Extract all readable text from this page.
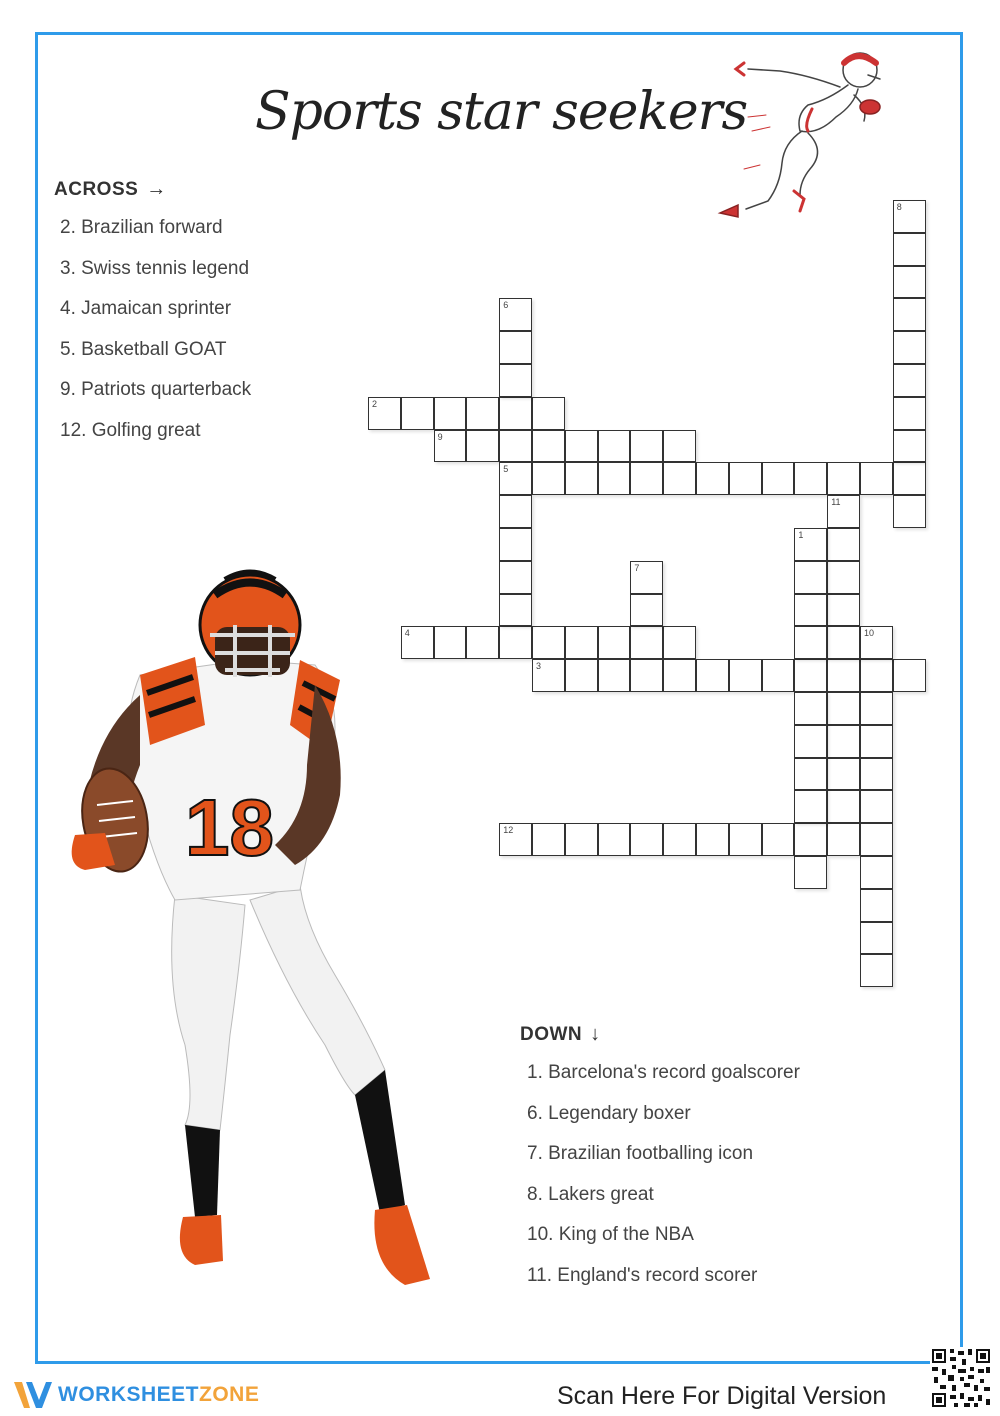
Sports star seekers
18
ACROSS →
2. Brazilian forward
3. Swiss tennis legend
4. Jamaican sprinter
5. Basketball GOAT
9. Patriots quarterback
12. Golfing great
DOWN ↓
1. Barcelona's record goalscorer
6. Legendary boxer
7. Brazilian footballing icon
8. Lakers great
10. King of the NBA
11. England's record scorer
2
9
5
4
3
12
8
6
11
1
7
10
WORKSHEETZONE	Scan Here For Digital Version
